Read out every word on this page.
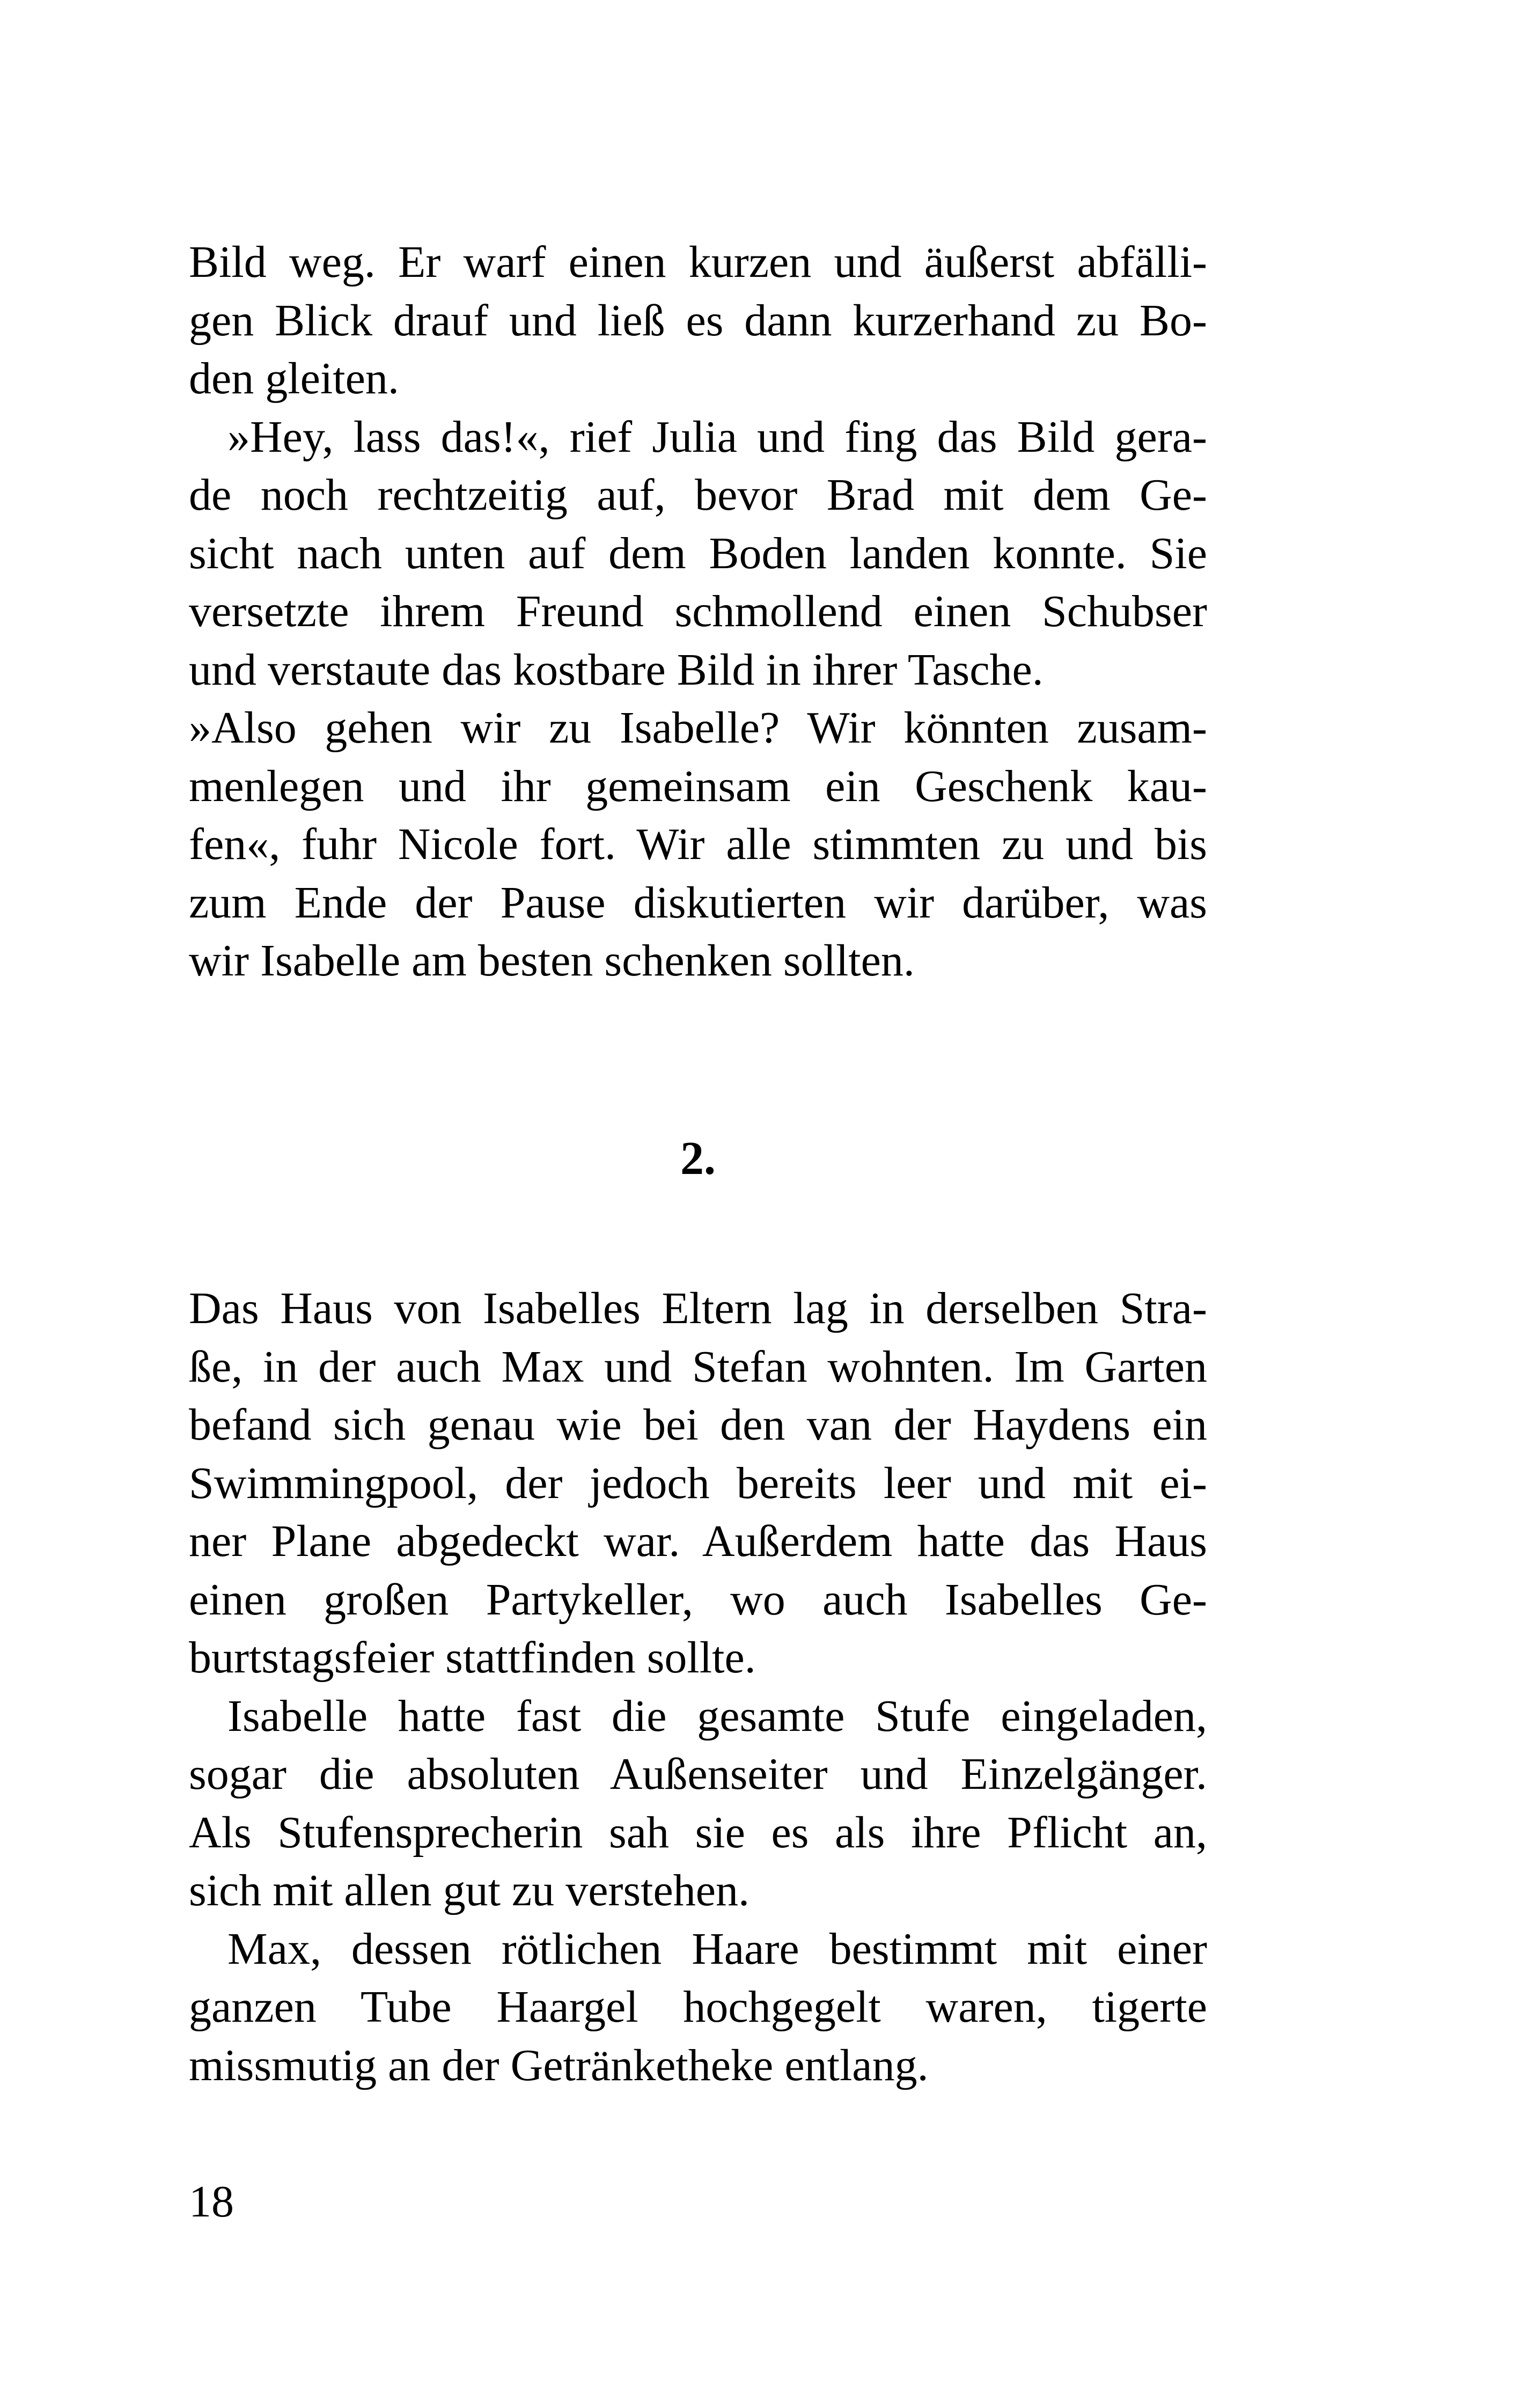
Bild weg. Er warf einen kurzen und äußerst abfälli-
gen Blick drauf und ließ es dann kurzerhand zu Bo-
den gleiten.
»Hey, lass das!«, rief Julia und fing das Bild gera-
de noch rechtzeitig auf, bevor Brad mit dem Ge-
sicht nach unten auf dem Boden landen konnte. Sie
versetzte ihrem Freund schmollend einen Schubser
und verstaute das kostbare Bild in ihrer Tasche.
»Also gehen wir zu Isabelle? Wir könnten zusam-
menlegen und ihr gemeinsam ein Geschenk kau-
fen«, fuhr Nicole fort. Wir alle stimmten zu und bis
zum Ende der Pause diskutierten wir darüber, was
wir Isabelle am besten schenken sollten.
2.
Das Haus von Isabelles Eltern lag in derselben Stra-
ße, in der auch Max und Stefan wohnten. Im Garten
befand sich genau wie bei den van der Haydens ein
Swimmingpool, der jedoch bereits leer und mit ei-
ner Plane abgedeckt war. Außerdem hatte das Haus
einen großen Partykeller, wo auch Isabelles Ge-
burtstagsfeier stattfinden sollte.
Isabelle hatte fast die gesamte Stufe eingeladen,
sogar die absoluten Außenseiter und Einzelgänger.
Als Stufensprecherin sah sie es als ihre Pflicht an,
sich mit allen gut zu verstehen.
Max, dessen rötlichen Haare bestimmt mit einer
ganzen Tube Haargel hochgegelt waren, tigerte
missmutig an der Getränketheke entlang.
18
